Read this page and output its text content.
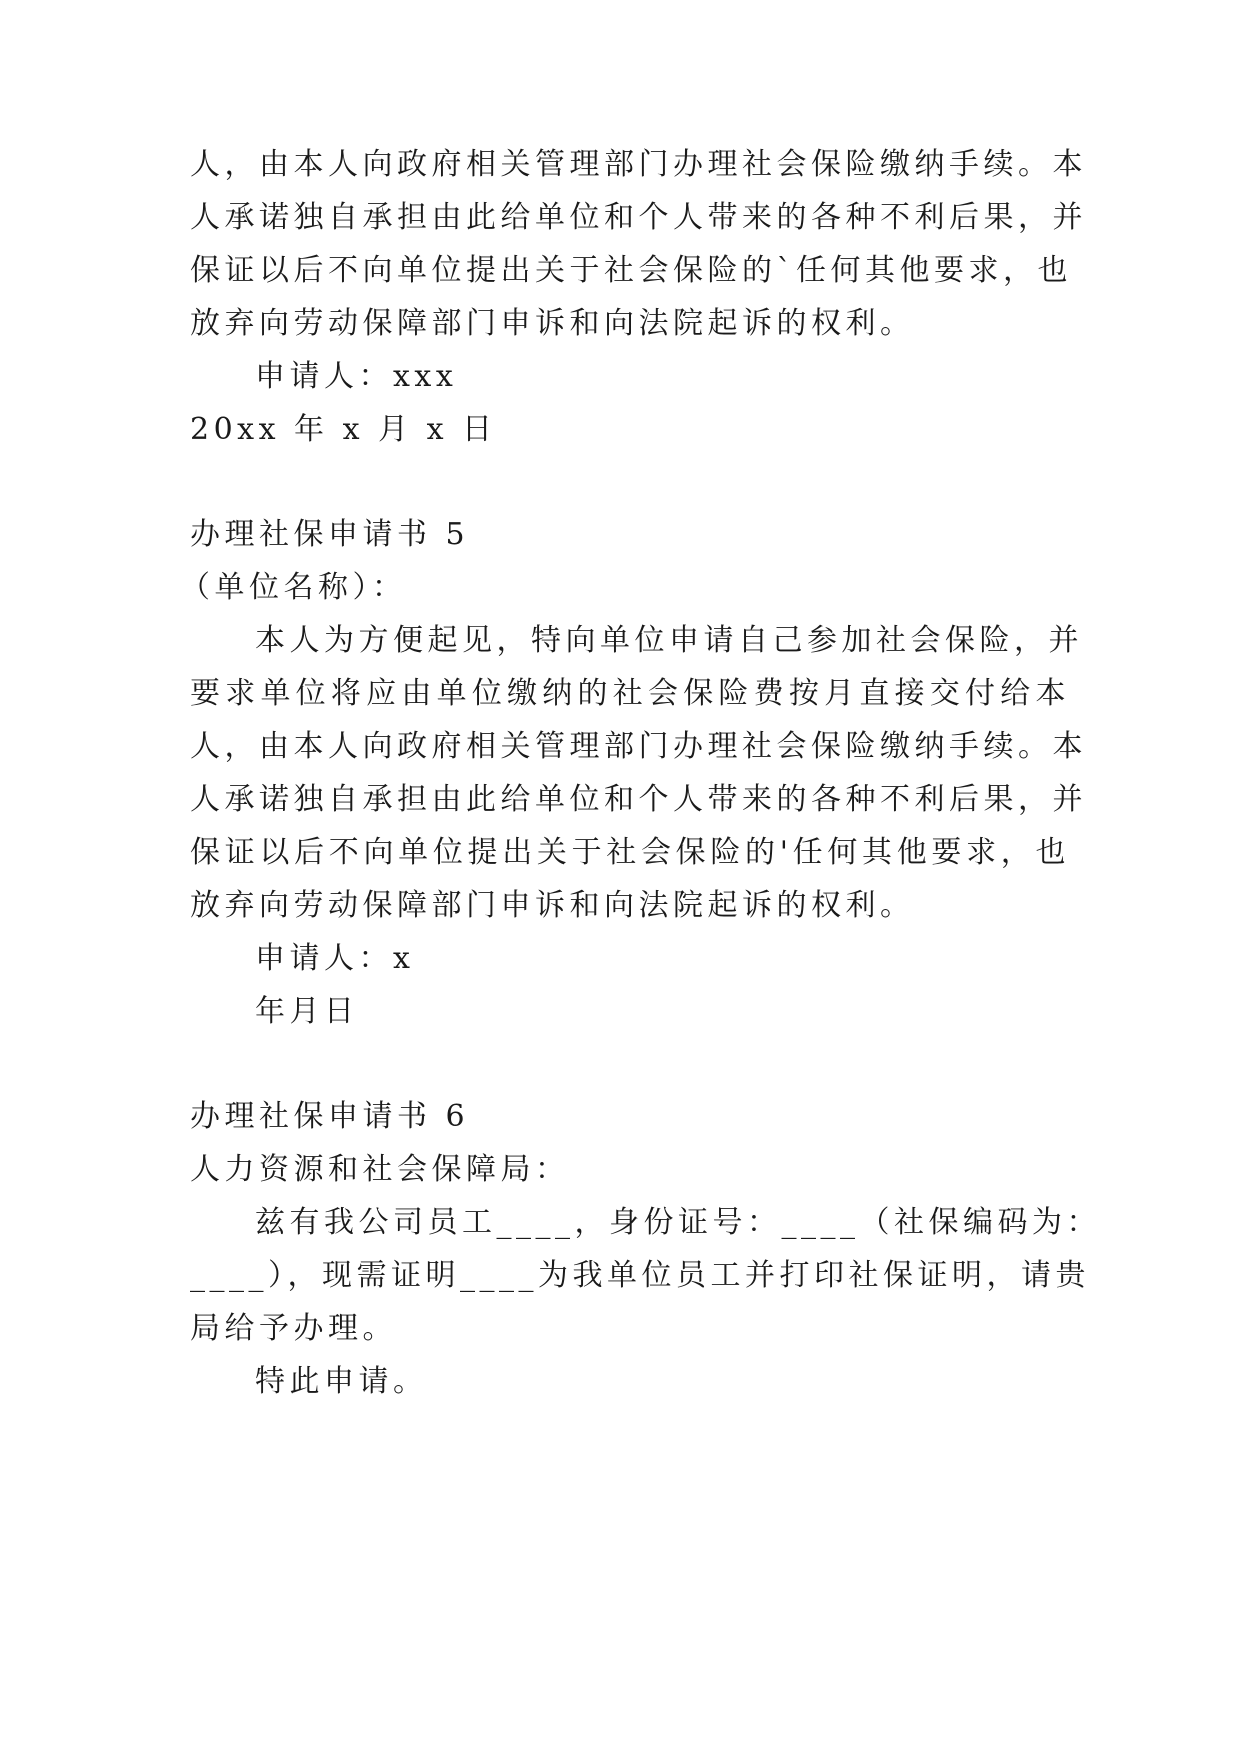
人，由本人向政府相关管理部门办理社会保险缴纳手续。本

人承诺独自承担由此给单位和个人带来的各种不利后果，并

保证以后不向单位提出关于社会保险的`任何其他要求，也

放弃向劳动保障部门申诉和向法院起诉的权利。

申请人：xxx

20xx 年 x 月 x 日

办理社保申请书 5

（单位名称）：

本人为方便起见，特向单位申请自己参加社会保险，并

要求单位将应由单位缴纳的社会保险费按月直接交付给本

人，由本人向政府相关管理部门办理社会保险缴纳手续。本

人承诺独自承担由此给单位和个人带来的各种不利后果，并

保证以后不向单位提出关于社会保险的'任何其他要求，也

放弃向劳动保障部门申诉和向法院起诉的权利。

申请人：x

年月日

办理社保申请书 6

人力资源和社会保障局：

兹有我公司员工____，身份证号：____（社保编码为：

____），现需证明____为我单位员工并打印社保证明，请贵

局给予办理。

特此申请。
